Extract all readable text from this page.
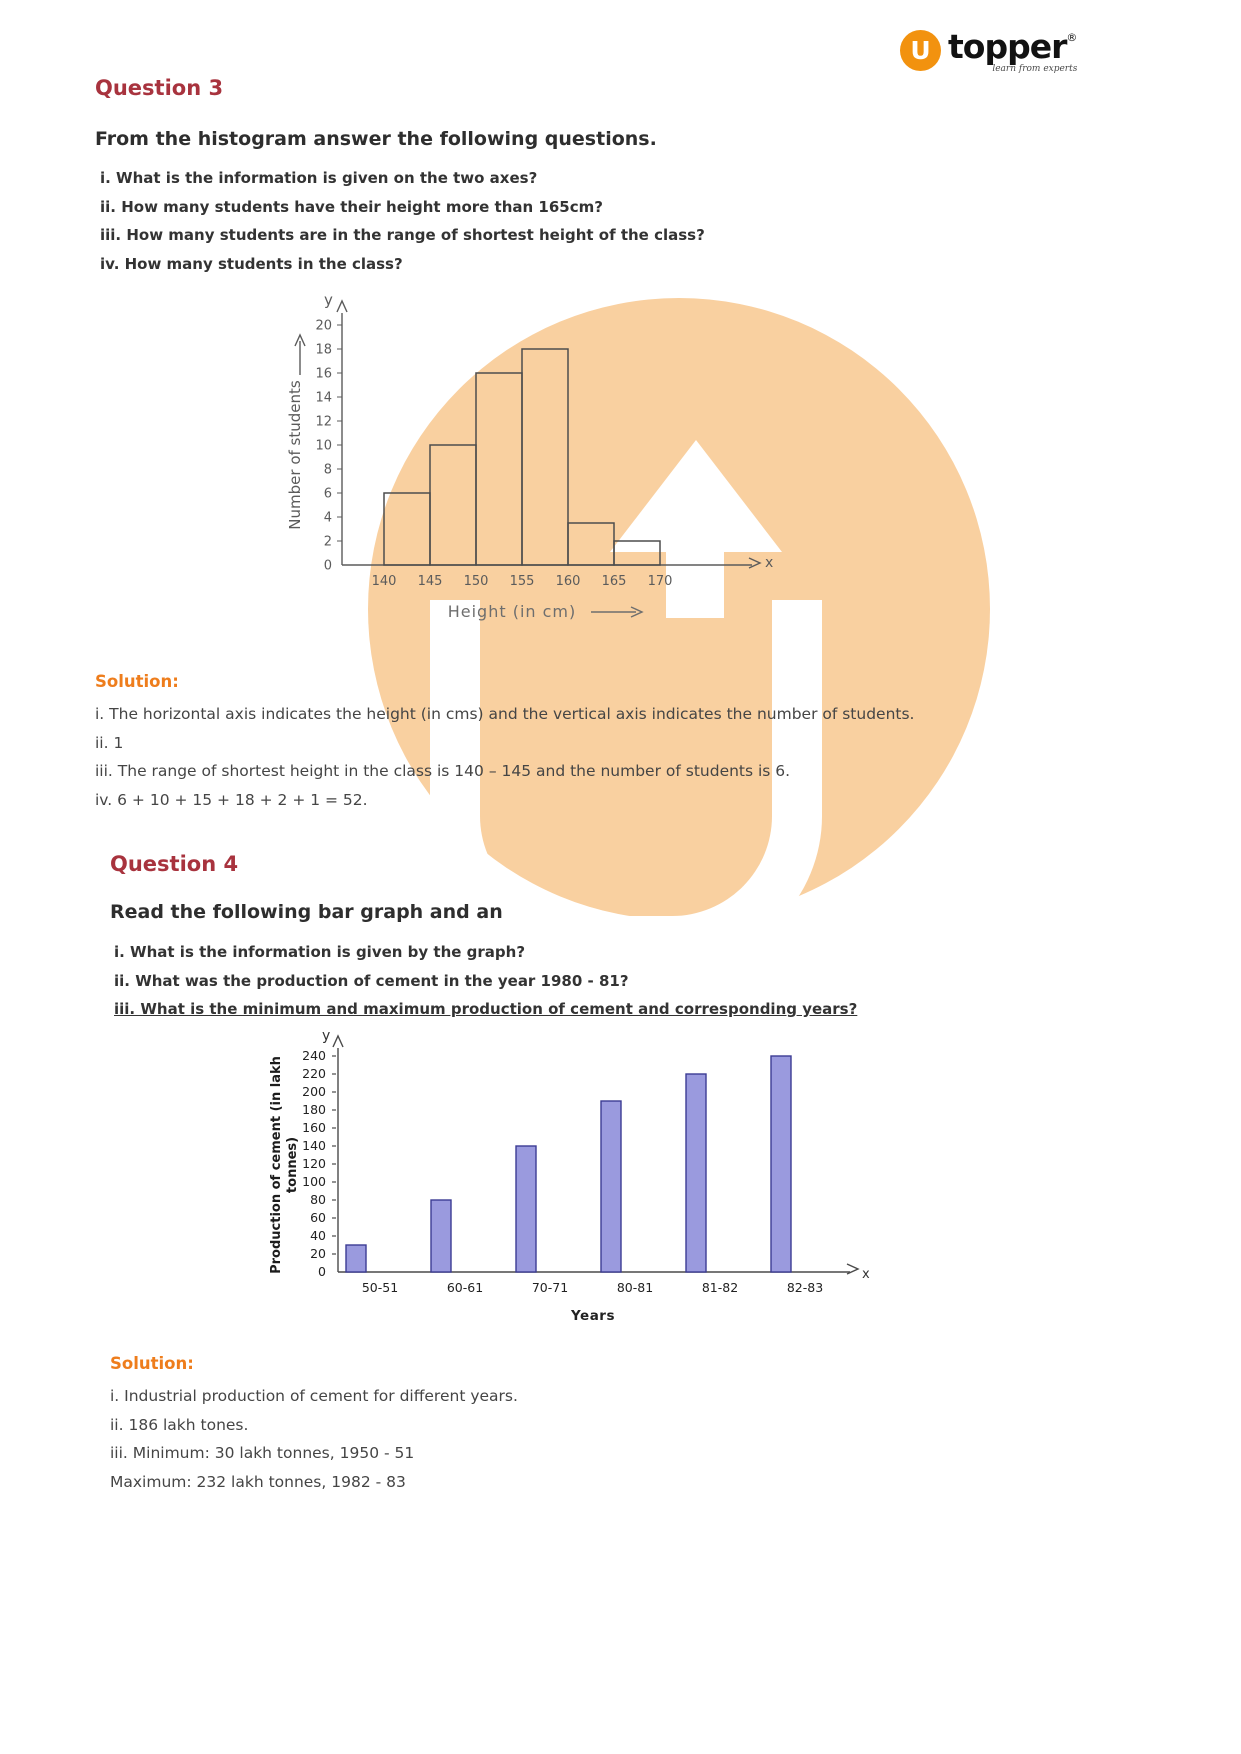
U topper ®
learn from experts
Question 3
From the histogram answer the following questions.
i. What is the information is given on the two axes?
ii. How many students have their height more than 165cm?
iii. How many students are in the range of shortest height of the class?
iv. How many students in the class?
y
x
0
2
4
6
8
10
12
14
16
18
20
140 145 150 155 160 165 170
Height (in cm)
Number of students
Solution:
i. The horizontal axis indicates the height (in cms) and the vertical axis indicates the number of students.
ii. 1
iii. The range of shortest height in the class is 140 – 145 and the number of students is 6.
iv. 6 + 10 + 15 + 18 + 2 + 1 = 52.
Question 4
Read the following bar graph and an
i. What is the information is given by the graph?
ii. What was the production of cement in the year 1980 - 81?
iii. What is the minimum and maximum production of cement and corresponding years?
y
x
0
20
40
60
80
100
120
140
160
180
200
220
240
50-51	60-61	70-71	80-81	81-82	82-83
Years
Production of cement (in lakh tonnes)
Solution:
i. Industrial production of cement for different years.
ii. 186 lakh tones.
iii. Minimum: 30 lakh tonnes, 1950 - 51
Maximum: 232 lakh tonnes, 1982 - 83
